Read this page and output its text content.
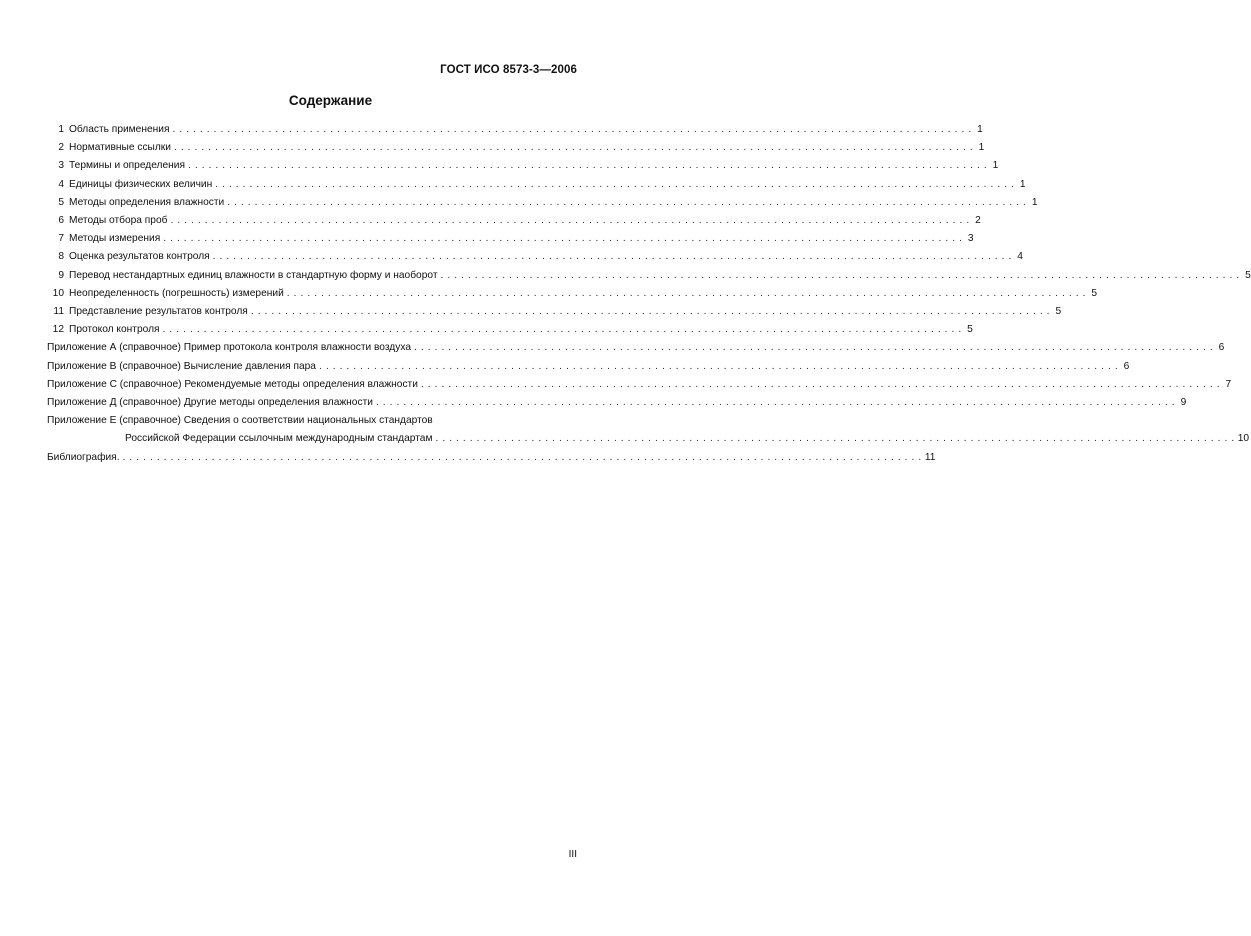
ГОСТ ИСО 8573-3—2006
Содержание
1 Область применения . . .	1
2 Нормативные ссылки . . .	1
3 Термины и определения . . .	1
4 Единицы физических величин . . .	1
5 Методы определения влажности . . .	1
6 Методы отбора проб . . .	2
7 Методы измерения . . .	3
8 Оценка результатов контроля . . .	4
9 Перевод нестандартных единиц влажности в стандартную форму и наоборот . . .	5
10 Неопределенность (погрешность) измерений . . .	5
11 Представление результатов контроля . . .	5
12 Протокол контроля . . .	5
Приложение А (справочное) Пример протокола контроля влажности воздуха . . .	6
Приложение В (справочное) Вычисление давления пара . . .	6
Приложение С (справочное) Рекомендуемые методы определения влажности . . .	7
Приложение Д (справочное) Другие методы определения влажности . . .	9
Приложение Е (справочное) Сведения о соответствии национальных стандартов
Российской Федерации ссылочным международным стандартам . . .	10
Библиография. . . .	11
III
